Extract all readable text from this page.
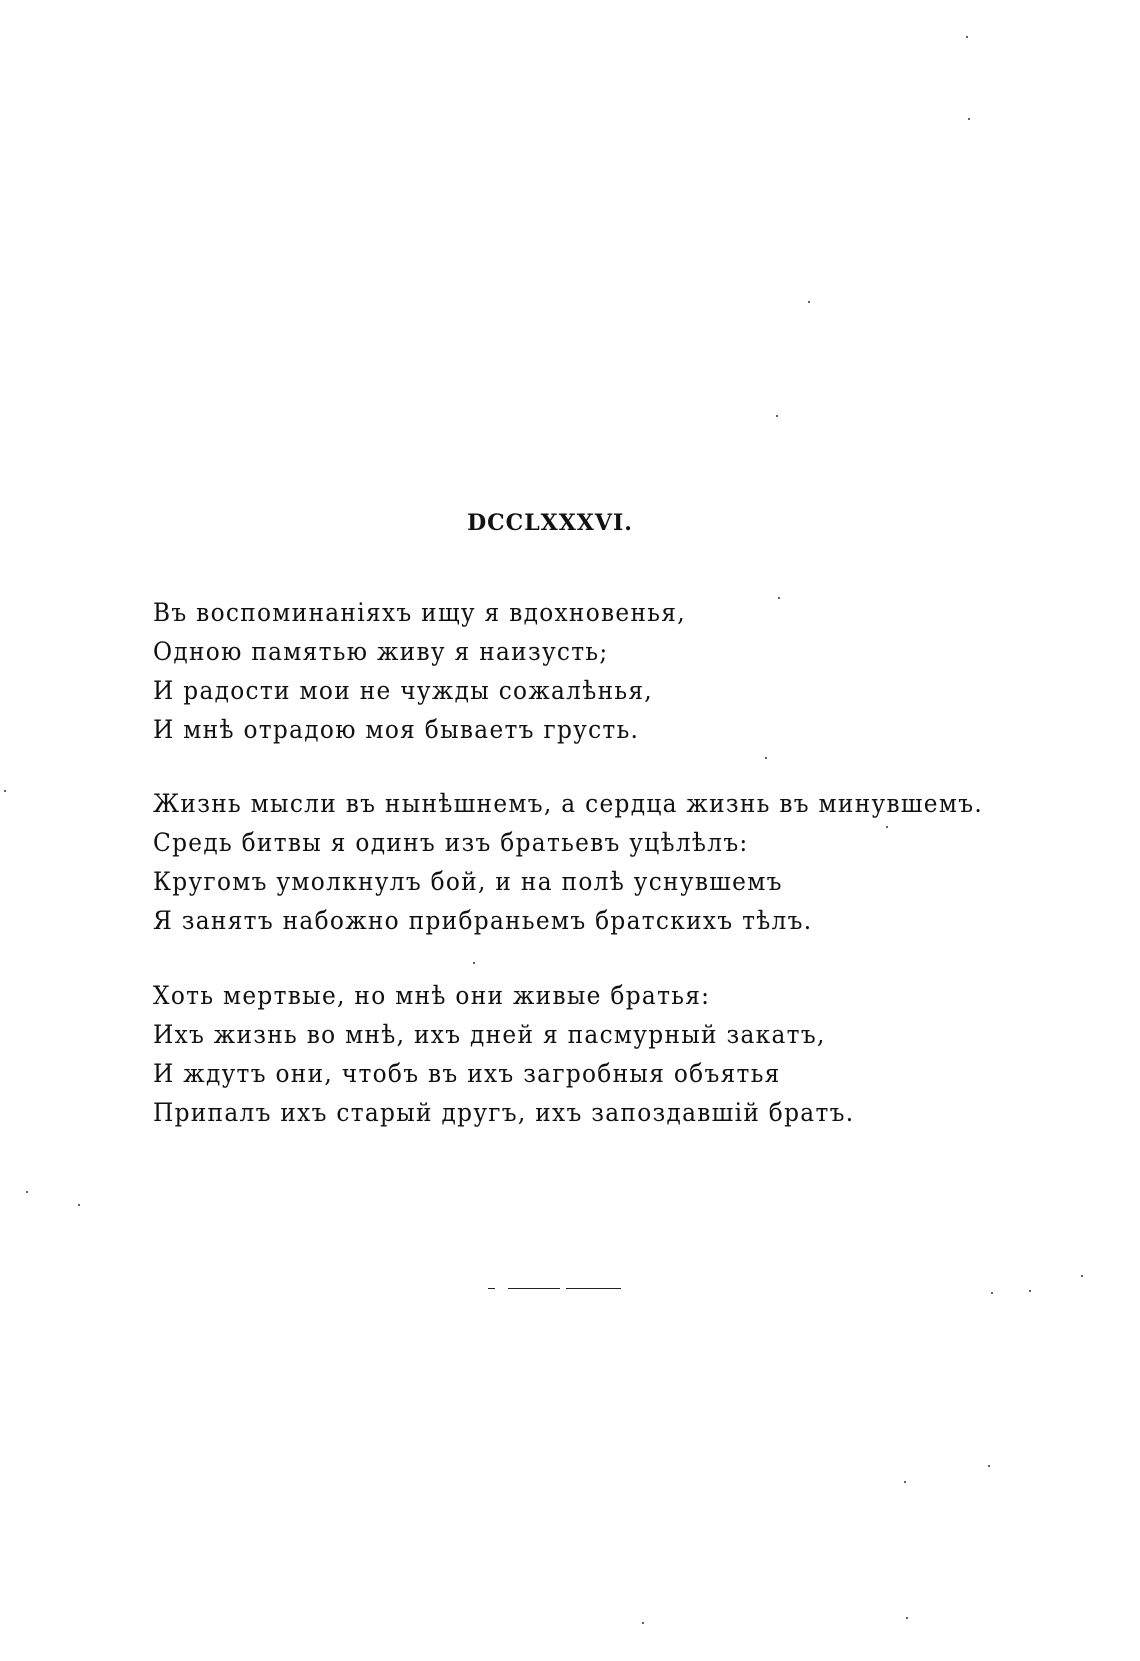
DCCLXXXVI.
Въ воспоминаніяхъ ищу я вдохновенья,
Одною памятью живу я наизусть;
И радости мои не чужды сожалѣнья,
И мнѣ отрадою моя бываетъ грусть.
Жизнь мысли въ нынѣшнемъ, а сердца жизнь въ минувшемъ.
Средь битвы я одинъ изъ братьевъ уцѣлѣлъ:
Кругомъ умолкнулъ бой, и на полѣ уснувшемъ
Я занятъ набожно прибраньемъ братскихъ тѣлъ.
Хоть мертвые, но мнѣ они живые братья:
Ихъ жизнь во мнѣ, ихъ дней я пасмурный закатъ,
И ждутъ они, чтобъ въ ихъ загробныя объятья
Припалъ ихъ старый другъ, ихъ запоздавшій братъ.
